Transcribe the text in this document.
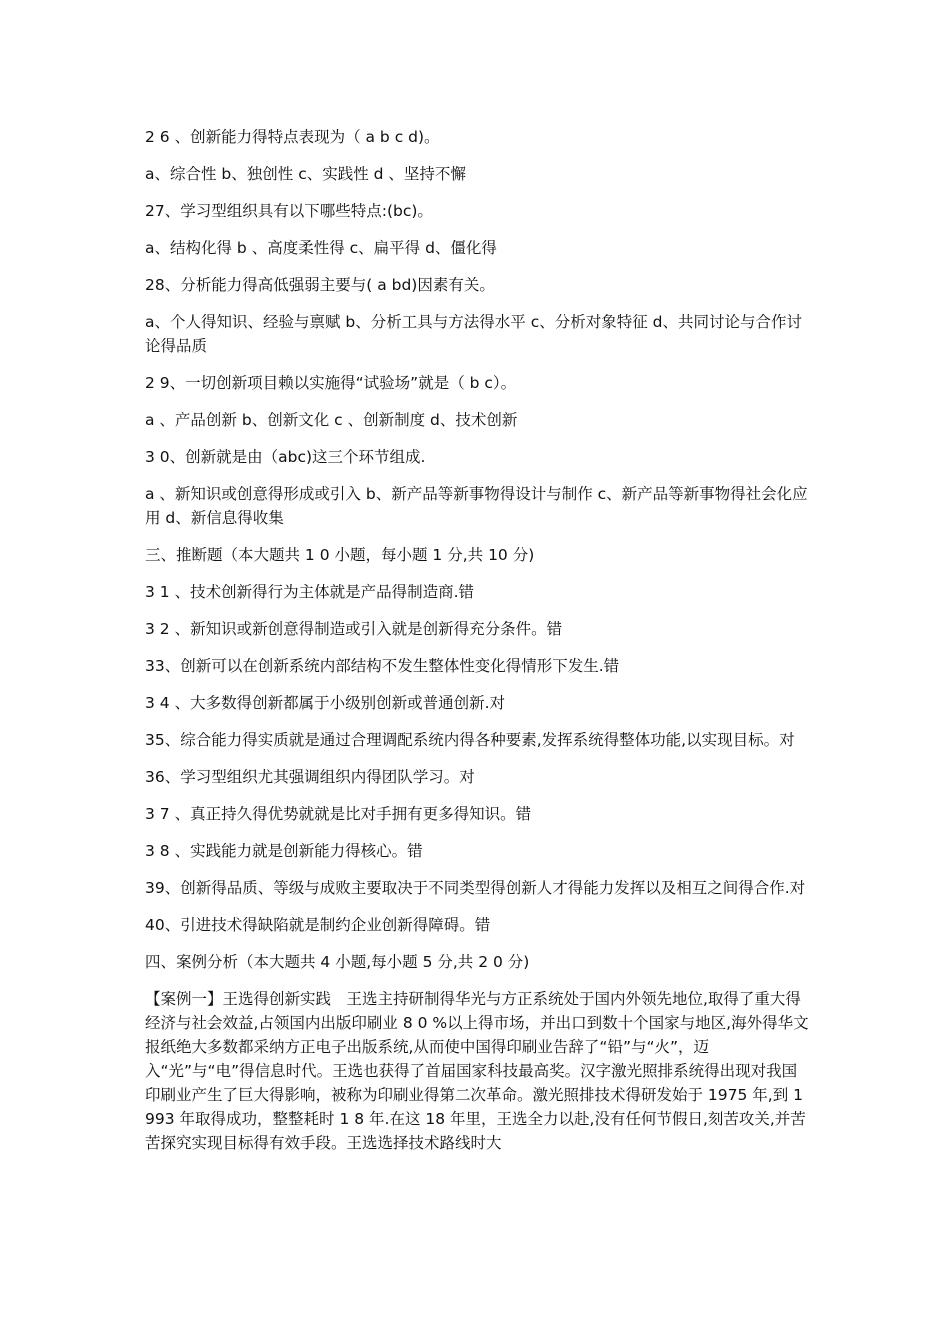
2 6 、创新能力得特点表现为（ a b c d)。

a、综合性 b、独创性 c、实践性 d 、坚持不懈

27、学习型组织具有以下哪些特点:(bc)。

a、结构化得 b 、高度柔性得 c、扁平得 d、僵化得

28、分析能力得高低强弱主要与( a bd)因素有关。

a、个人得知识、经验与禀赋 b、分析工具与方法得水平 c、分析对象特征 d、共同讨论与合作讨论得品质

2 9、一切创新项目赖以实施得“试验场”就是（ b c）。

a 、产品创新 b、创新文化 c 、创新制度 d、技术创新

3 0、创新就是由（abc)这三个环节组成.

a 、新知识或创意得形成或引入 b、新产品等新事物得设计与制作 c、新产品等新事物得社会化应用 d、新信息得收集

三、推断题（本大题共 1 0 小题，每小题 1 分,共 10 分)

3 1 、技术创新得行为主体就是产品得制造商.错

3 2 、新知识或新创意得制造或引入就是创新得充分条件。错

33、创新可以在创新系统内部结构不发生整体性变化得情形下发生.错

3 4 、大多数得创新都属于小级别创新或普通创新.对

35、综合能力得实质就是通过合理调配系统内得各种要素,发挥系统得整体功能,以实现目标。对

36、学习型组织尤其强调组织内得团队学习。对

3 7 、真正持久得优势就就是比对手拥有更多得知识。错

3 8 、实践能力就是创新能力得核心。错

39、创新得品质、等级与成败主要取决于不同类型得创新人才得能力发挥以及相互之间得合作.对

40、引进技术得缺陷就是制约企业创新得障碍。错

四、案例分析（本大题共 4 小题,每小题 5 分,共 2 0 分)

【案例一】王选得创新实践　王选主持研制得华光与方正系统处于国内外领先地位,取得了重大得经济与社会效益,占领国内出版印刷业 8 0 %以上得市场，并出口到数十个国家与地区,海外得华文报纸绝大多数都采纳方正电子出版系统,从而使中国得印刷业告辞了“铅”与“火”，迈入“光”与“电”得信息时代。王选也获得了首届国家科技最高奖。汉字激光照排系统得出现对我国印刷业产生了巨大得影响，被称为印刷业得第二次革命。激光照排技术得研发始于 1975 年,到 1 993 年取得成功，整整耗时 1 8 年.在这 18 年里，王选全力以赴,没有任何节假日,刻苦攻关,并苦苦探究实现目标得有效手段。王选选择技术路线时大
